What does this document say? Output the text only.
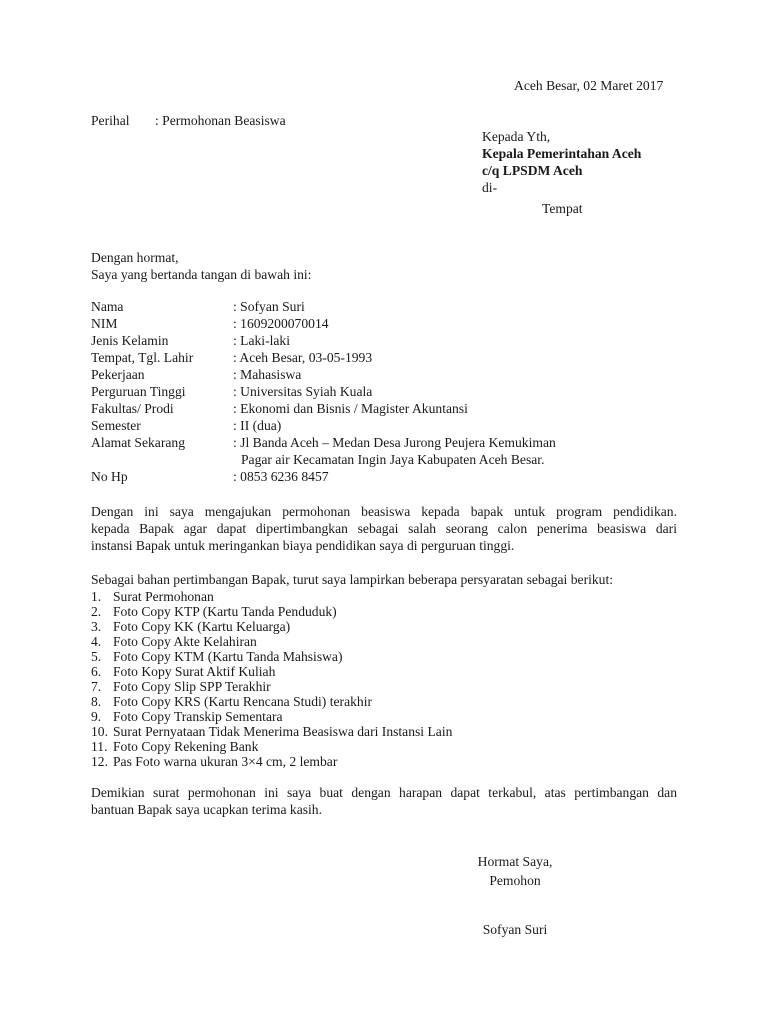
Aceh Besar, 02 Maret 2017
Perihal : Permohonan Beasiswa
Kepada Yth,
Kepala Pemerintahan Aceh
c/q LPSDM Aceh
di-
Tempat
Dengan hormat,
Saya yang bertanda tangan di bawah ini:
Nama	: Sofyan Suri
NIM	: 1609200070014
Jenis Kelamin	: Laki-laki
Tempat, Tgl. Lahir	: Aceh Besar, 03-05-1993
Pekerjaan	: Mahasiswa
Perguruan Tinggi	: Universitas Syiah Kuala
Fakultas/ Prodi	: Ekonomi dan Bisnis / Magister Akuntansi
Semester	: II (dua)
Alamat Sekarang	: Jl Banda Aceh – Medan Desa Jurong Peujera Kemukiman
Pagar air Kecamatan Ingin Jaya Kabupaten Aceh Besar.
No Hp	: 0853 6236 8457
Dengan ini saya mengajukan permohonan beasiswa kepada bapak untuk program pendidikan.
kepada Bapak agar dapat dipertimbangkan sebagai salah seorang calon penerima beasiswa dari
instansi Bapak untuk meringankan biaya pendidikan saya di perguruan tinggi.
Sebagai bahan pertimbangan Bapak, turut saya lampirkan beberapa persyaratan sebagai berikut:
1. Surat Permohonan
2. Foto Copy KTP (Kartu Tanda Penduduk)
3. Foto Copy KK (Kartu Keluarga)
4. Foto Copy Akte Kelahiran
5. Foto Copy KTM (Kartu Tanda Mahsiswa)
6. Foto Kopy Surat Aktif Kuliah
7. Foto Copy Slip SPP Terakhir
8. Foto Copy KRS (Kartu Rencana Studi) terakhir
9. Foto Copy Transkip Sementara
10. Surat Pernyataan Tidak Menerima Beasiswa dari Instansi Lain
11. Foto Copy Rekening Bank
12. Pas Foto warna ukuran 3×4 cm, 2 lembar
Demikian surat permohonan ini saya buat dengan harapan dapat terkabul, atas pertimbangan dan
bantuan Bapak saya ucapkan terima kasih.
Hormat Saya,
Pemohon
Sofyan Suri
